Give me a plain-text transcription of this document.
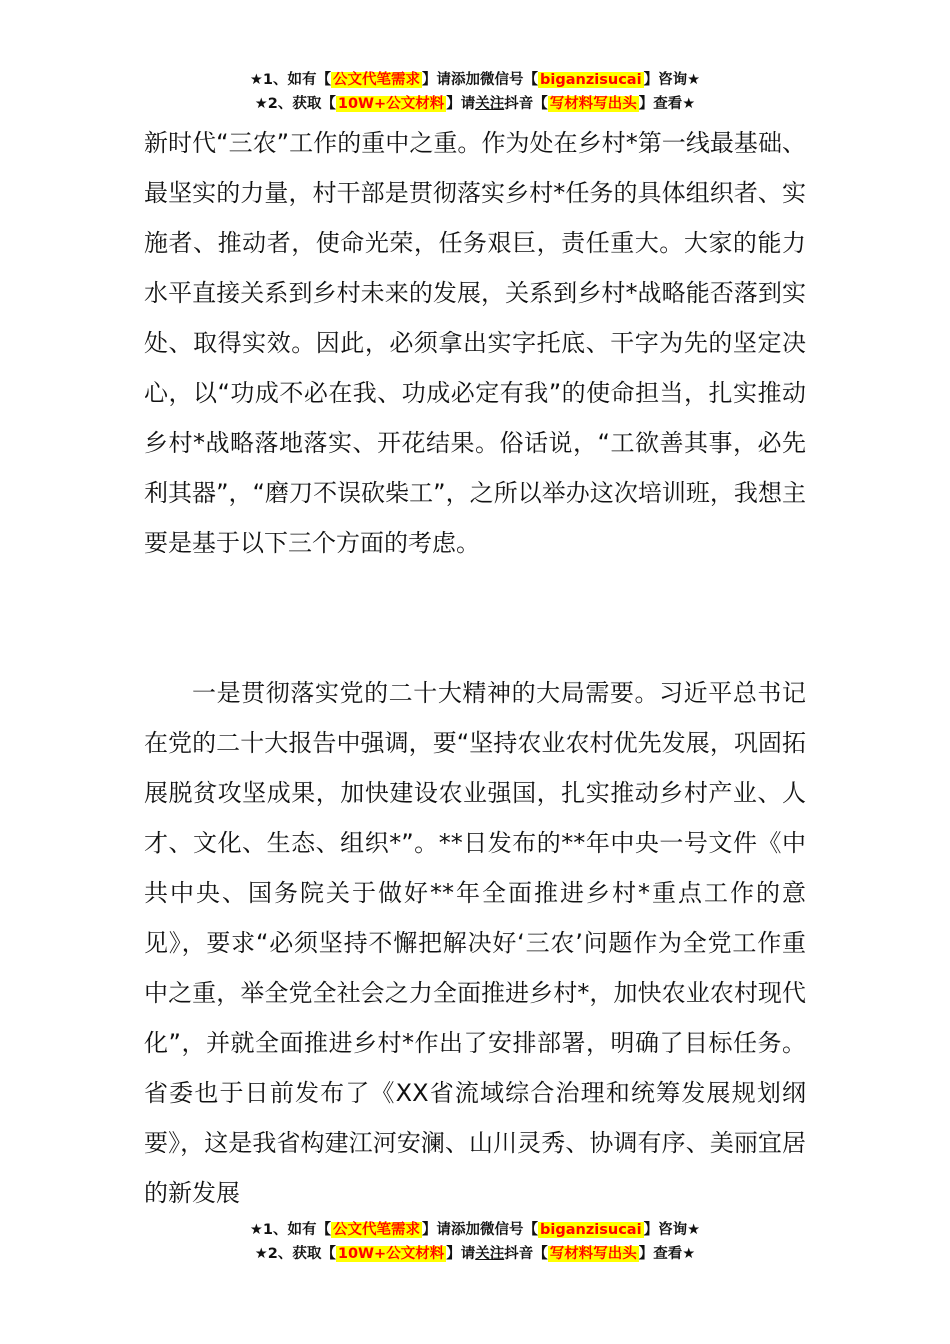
★1、如有【 公文代笔需求 】请添加微信号【 biganzisucai 】咨询★
★2、获取【 10W+公文材料 】请关注抖音【 写材料写出头 】查看★

新时代“三农”工作的重中之重。作为处在乡村*第一线最基础、最坚实的力量，村干部是贯彻落实乡村*任务的具体组织者、实施者、推动者，使命光荣，任务艰巨，责任重大。大家的能力水平直接关系到乡村未来的发展，关系到乡村*战略能否落到实处、取得实效。因此，必须拿出实字托底、干字为先的坚定决心，以“功成不必在我、功成必定有我”的使命担当，扎实推动乡村*战略落地落实、开花结果。俗话说，“工欲善其事，必先利其器”，“磨刀不误砍柴工”，之所以举办这次培训班，我想主要是基于以下三个方面的考虑。

一是贯彻落实党的二十大精神的大局需要。习近平总书记在党的二十大报告中强调，要“坚持农业农村优先发展，巩固拓展脱贫攻坚成果，加快建设农业强国，扎实推动乡村产业、人才、文化、生态、组织*”。**日发布的**年中央一号文件《中共中央、国务院关于做好**年全面推进乡村*重点工作的意见》，要求“必须坚持不懈把解决好‘三农’问题作为全党工作重中之重，举全党全社会之力全面推进乡村*，加快农业农村现代化”，并就全面推进乡村*作出了安排部署，明确了目标任务。省委也于日前发布了《XX省流域综合治理和统筹发展规划纲要》，这是我省构建江河安澜、山川灵秀、协调有序、美丽宜居的新发展

★1、如有【 公文代笔需求 】请添加微信号【 biganzisucai 】咨询★
★2、获取【 10W+公文材料 】请关注抖音【 写材料写出头 】查看★
